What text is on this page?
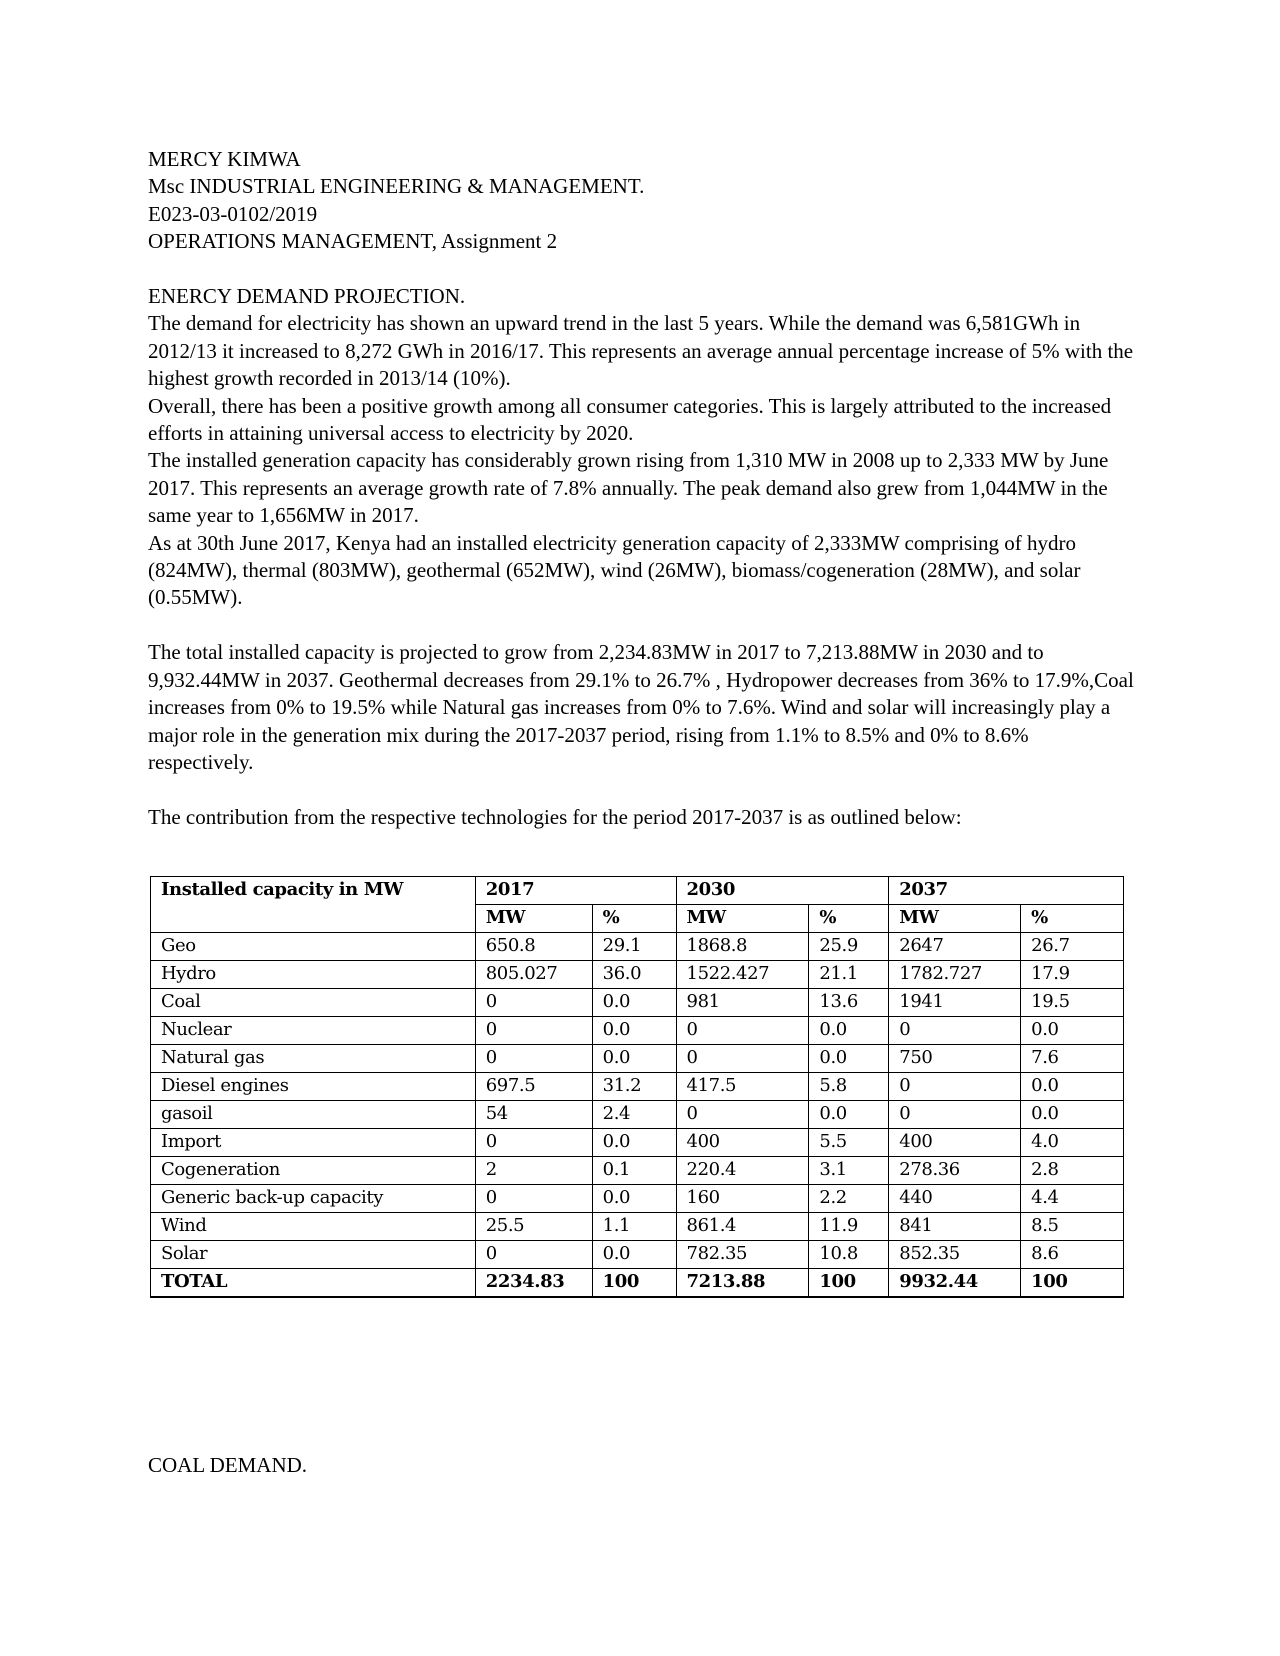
MERCY KIMWA
Msc INDUSTRIAL ENGINEERING & MANAGEMENT.
E023-03-0102/2019
OPERATIONS MANAGEMENT, Assignment 2
ENERCY DEMAND PROJECTION.
The demand for electricity has shown an upward trend in the last 5 years. While the demand was 6,581GWh in 2012/13 it increased to 8,272 GWh in 2016/17. This represents an average annual percentage increase of 5% with the highest growth recorded in 2013/14 (10%).
Overall, there has been a positive growth among all consumer categories. This is largely attributed to the increased efforts in attaining universal access to electricity by 2020.
The installed generation capacity has considerably grown rising from 1,310 MW in 2008 up to 2,333 MW by June 2017. This represents an average growth rate of 7.8% annually. The peak demand also grew from 1,044MW in the same year to 1,656MW in 2017.
As at 30th June 2017, Kenya had an installed electricity generation capacity of 2,333MW comprising of hydro (824MW), thermal (803MW), geothermal (652MW), wind (26MW), biomass/cogeneration (28MW), and solar (0.55MW).
The total installed capacity is projected to grow from 2,234.83MW in 2017 to 7,213.88MW in 2030 and to 9,932.44MW in 2037. Geothermal decreases from 29.1% to 26.7% , Hydropower decreases from 36% to 17.9%,Coal increases from 0% to 19.5% while Natural gas increases from 0% to 7.6%. Wind and solar will increasingly play a major role in the generation mix during the 2017-2037 period, rising from 1.1% to 8.5% and 0% to 8.6% respectively.
The contribution from the respective technologies for the period 2017-2037 is as outlined below:
Installed capacity in MW	2017		2030		2037	
	MW	%	MW	%	MW	%
Geo	650.8	29.1	1868.8	25.9	2647	26.7
Hydro	805.027	36.0	1522.427	21.1	1782.727	17.9
Coal	0	0.0	981	13.6	1941	19.5
Nuclear	0	0.0	0	0.0	0	0.0
Natural gas	0	0.0	0	0.0	750	7.6
Diesel engines	697.5	31.2	417.5	5.8	0	0.0
gasoil	54	2.4	0	0.0	0	0.0
Import	0	0.0	400	5.5	400	4.0
Cogeneration	2	0.1	220.4	3.1	278.36	2.8
Generic back-up capacity	0	0.0	160	2.2	440	4.4
Wind	25.5	1.1	861.4	11.9	841	8.5
Solar	0	0.0	782.35	10.8	852.35	8.6
TOTAL	2234.83	100	7213.88	100	9932.44	100
COAL DEMAND.
